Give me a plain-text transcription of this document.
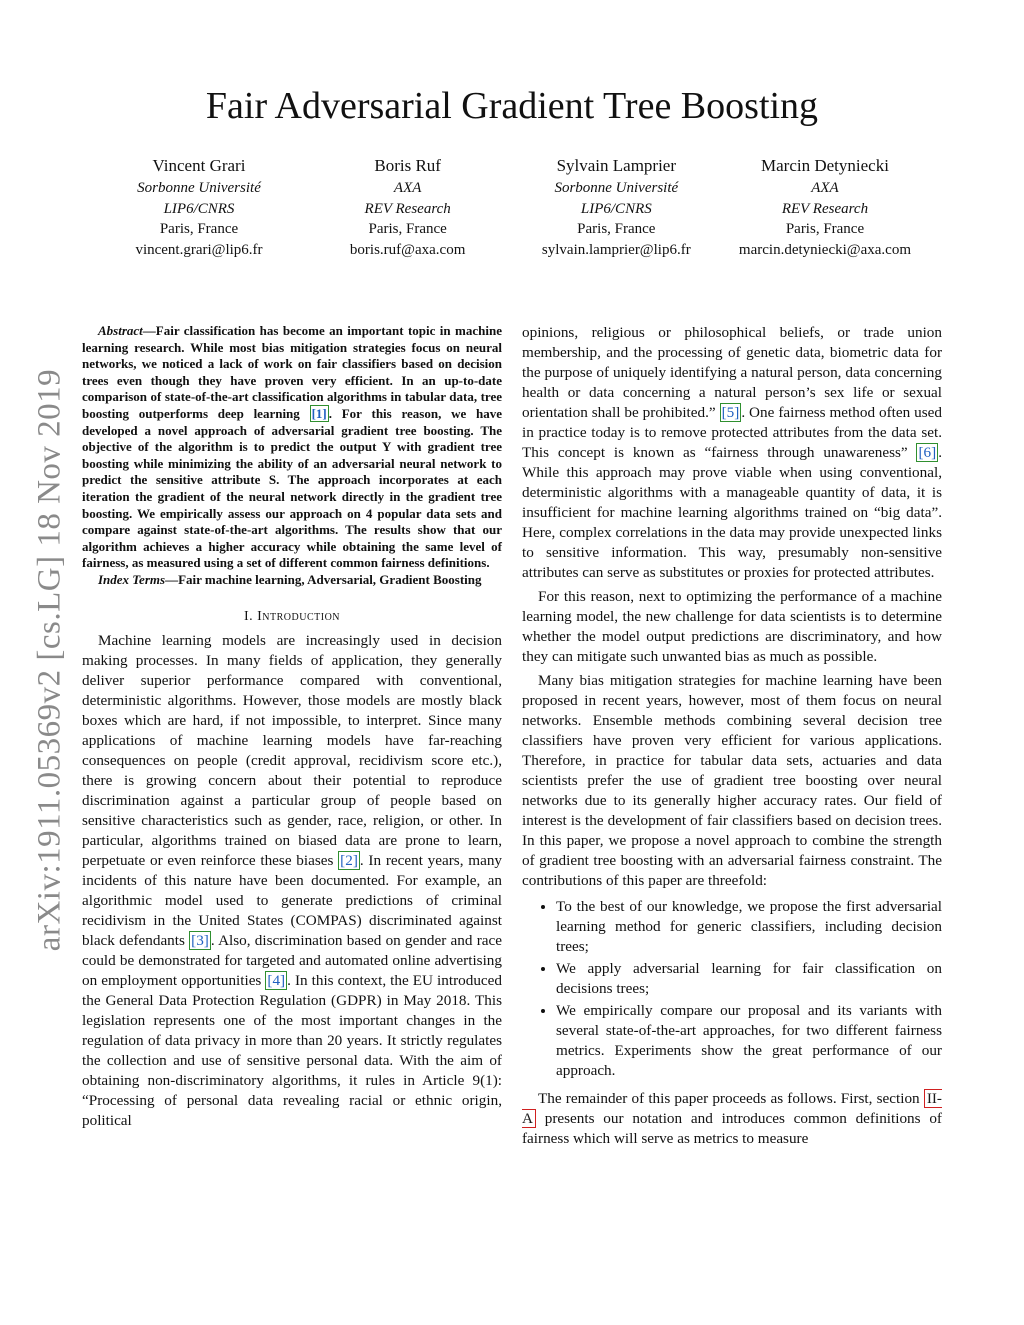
arXiv:1911.05369v2 [cs.LG] 18 Nov 2019
Fair Adversarial Gradient Tree Boosting
Vincent Grari
Sorbonne Université
LIP6/CNRS
Paris, France
vincent.grari@lip6.fr
Boris Ruf
AXA
REV Research
Paris, France
boris.ruf@axa.com
Sylvain Lamprier
Sorbonne Université
LIP6/CNRS
Paris, France
sylvain.lamprier@lip6.fr
Marcin Detyniecki
AXA
REV Research
Paris, France
marcin.detyniecki@axa.com

Abstract—Fair classification has become an important topic in machine learning research. While most bias mitigation strategies focus on neural networks, we noticed a lack of work on fair classifiers based on decision trees even though they have proven very efficient. In an up-to-date comparison of state-of-the-art classification algorithms in tabular data, tree boosting outperforms deep learning [1] . For this reason, we have developed a novel approach of adversarial gradient tree boosting. The objective of the algorithm is to predict the output Y with gradient tree boosting while minimizing the ability of an adversarial neural network to predict the sensitive attribute S. The approach incorporates at each iteration the gradient of the neural network directly in the gradient tree boosting. We empirically assess our approach on 4 popular data sets and compare against state-of-the-art algorithms. The results show that our algorithm achieves a higher accuracy while obtaining the same level of fairness, as measured using a set of different common fairness definitions.

Index Terms—Fair machine learning, Adversarial, Gradient Boosting

I. Introduction

Machine learning models are increasingly used in decision making processes. In many fields of application, they generally deliver superior performance compared with conventional, deterministic algorithms. However, those models are mostly black boxes which are hard, if not impossible, to interpret. Since many applications of machine learning models have far-reaching consequences on people (credit approval, recidivism score etc.), there is growing concern about their potential to reproduce discrimination against a particular group of people based on sensitive characteristics such as gender, race, religion, or other. In particular, algorithms trained on biased data are prone to learn, perpetuate or even reinforce these biases [2] . In recent years, many incidents of this nature have been documented. For example, an algorithmic model used to generate predictions of criminal recidivism in the United States (COMPAS) discriminated against black defendants [3] . Also, discrimination based on gender and race could be demonstrated for targeted and automated online advertising on employment opportunities [4] . In this context, the EU introduced the General Data Protection Regulation (GDPR) in May 2018. This legislation represents one of the most important changes in the regulation of data privacy in more than 20 years. It strictly regulates the collection and use of sensitive personal data. With the aim of obtaining non-discriminatory algorithms, it rules in Article 9(1): “Processing of personal data revealing racial or ethnic origin, political

opinions, religious or philosophical beliefs, or trade union membership, and the processing of genetic data, biometric data for the purpose of uniquely identifying a natural person, data concerning health or data concerning a natural person’s sex life or sexual orientation shall be prohibited.” [5] . One fairness method often used in practice today is to remove protected attributes from the data set. This concept is known as “fairness through unawareness” [6] . While this approach may prove viable when using conventional, deterministic algorithms with a manageable quantity of data, it is insufficient for machine learning algorithms trained on “big data”. Here, complex correlations in the data may provide unexpected links to sensitive information. This way, presumably non-sensitive attributes can serve as substitutes or proxies for protected attributes.

For this reason, next to optimizing the performance of a machine learning model, the new challenge for data scientists is to determine whether the model output predictions are discriminatory, and how they can mitigate such unwanted bias as much as possible.

Many bias mitigation strategies for machine learning have been proposed in recent years, however, most of them focus on neural networks. Ensemble methods combining several decision tree classifiers have proven very efficient for various applications. Therefore, in practice for tabular data sets, actuaries and data scientists prefer the use of gradient tree boosting over neural networks due to its generally higher accuracy rates. Our field of interest is the development of fair classifiers based on decision trees. In this paper, we propose a novel approach to combine the strength of gradient tree boosting with an adversarial fairness constraint. The contributions of this paper are threefold:

• To the best of our knowledge, we propose the first adversarial learning method for generic classifiers, including decision trees;
• We apply adversarial learning for fair classification on decisions trees;
• We empirically compare our proposal and its variants with several state-of-the-art approaches, for two different fairness metrics. Experiments show the great performance of our approach.

The remainder of this paper proceeds as follows. First, section II-A presents our notation and introduces common definitions of fairness which will serve as metrics to measure
